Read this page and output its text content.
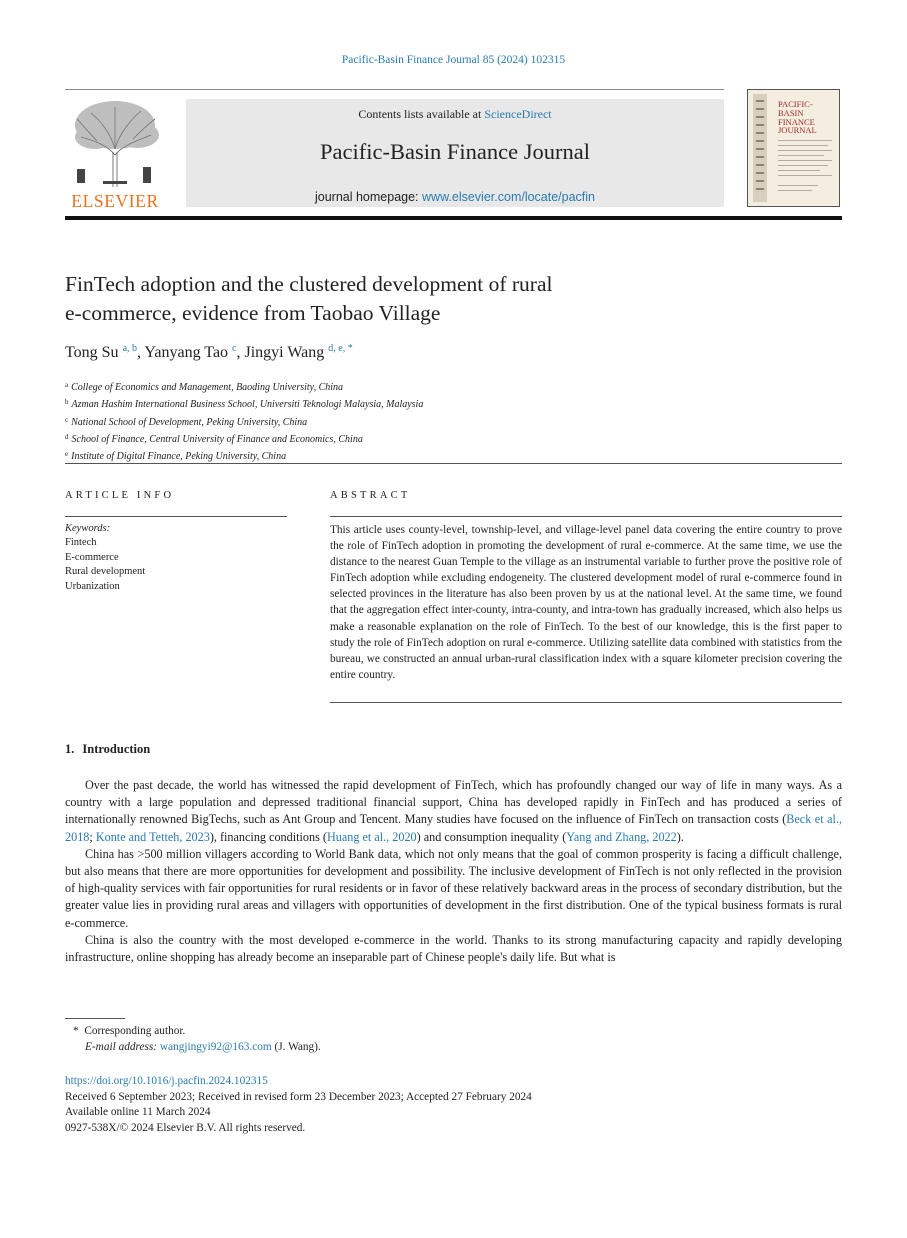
Pacific-Basin Finance Journal 85 (2024) 102315
ELSEVIER
Contents lists available at ScienceDirect
Pacific-Basin Finance Journal
journal homepage: www.elsevier.com/locate/pacfin
PACIFIC-
BASIN
FINANCE
JOURNAL
FinTech adoption and the clustered development of rural
e-commerce, evidence from Taobao Village
Tong Su $^{a, b}$, Yanyang Tao $^c$, Jingyi Wang $^{d, e, *}$
$^a$ College of Economics and Management, Baoding University, China
$^b$ Azman Hashim International Business School, Universiti Teknologi Malaysia, Malaysia
$^c$ National School of Development, Peking University, China
$^d$ School of Finance, Central University of Finance and Economics, China
$^e$ Institute of Digital Finance, Peking University, China
ARTICLE INFO
Keywords:
Fintech
E-commerce
Rural development
Urbanization
ABSTRACT

This article uses county-level, township-level, and village-level panel data covering the entire country to prove the role of FinTech adoption in promoting the development of rural e-commerce. At the same time, we use the distance to the nearest Guan Temple to the village as an instrumental variable to further prove the positive role of FinTech adoption while excluding endogeneity. The clustered development model of rural e-commerce found in selected provinces in the literature has also been proven by us at the national level. At the same time, we found that the aggregation effect inter-county, intra-county, and intra-town has gradually increased, which also helps us make a reasonable explanation on the role of FinTech. To the best of our knowledge, this is the first paper to study the role of FinTech adoption on rural e-commerce. Utilizing satellite data combined with statistics from the bureau, we constructed an annual urban-rural classification index with a square kilometer precision covering the entire country.

1. Introduction

Over the past decade, the world has witnessed the rapid development of FinTech, which has profoundly changed our way of life in many ways. As a country with a large population and depressed traditional financial support, China has developed rapidly in FinTech and has produced a series of internationally renowned BigTechs, such as Ant Group and Tencent. Many studies have focused on the influence of FinTech on transaction costs (Beck et al., 2018; Konte and Tetteh, 2023), financing conditions (Huang et al., 2020) and consumption inequality (Yang and Zhang, 2022).

China has >500 million villagers according to World Bank data, which not only means that the goal of common prosperity is facing a difficult challenge, but also means that there are more opportunities for development and possibility. The inclusive development of FinTech is not only reflected in the provision of high-quality services with fair opportunities for rural residents or in favor of these relatively backward areas in the process of secondary distribution, but the greater value lies in providing rural areas and villagers with opportunities of development in the first distribution. One of the typical business formats is rural e-commerce.

China is also the country with the most developed e-commerce in the world. Thanks to its strong manufacturing capacity and rapidly developing infrastructure, online shopping has already become an inseparable part of Chinese people's daily life. But what is

* Corresponding author.
E-mail address: wangjingyi92@163.com (J. Wang).
https://doi.org/10.1016/j.pacfin.2024.102315
Received 6 September 2023; Received in revised form 23 December 2023; Accepted 27 February 2024
Available online 11 March 2024
0927-538X/© 2024 Elsevier B.V. All rights reserved.
